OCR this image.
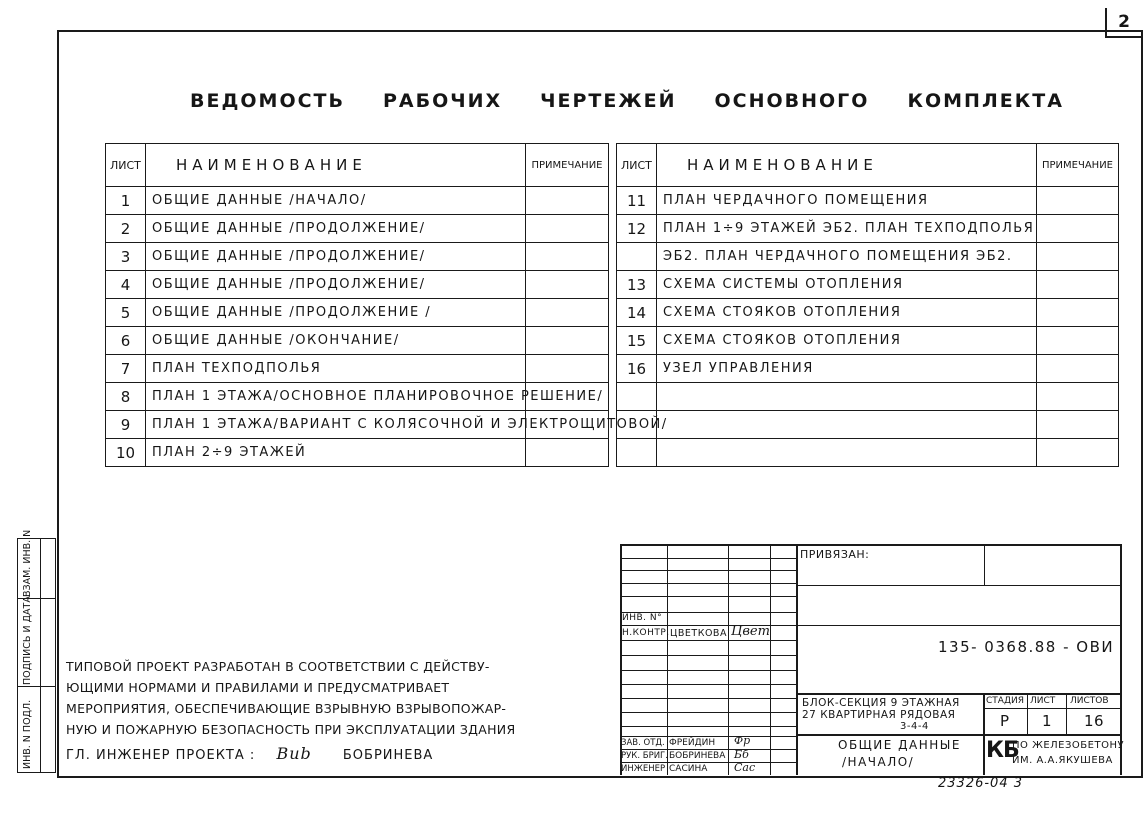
2
ВЕДОМОСТЬ РАБОЧИХ ЧЕРТЕЖЕЙ ОСНОВНОГО КОМПЛЕКТА
ЛИСТ	НАИМЕНОВАНИЕ	ПРИМЕЧАНИЕ
1	ОБЩИЕ ДАННЫЕ /НАЧАЛО/	
2	ОБЩИЕ ДАННЫЕ /ПРОДОЛЖЕНИЕ/	
3	ОБЩИЕ ДАННЫЕ /ПРОДОЛЖЕНИЕ/	
4	ОБЩИЕ ДАННЫЕ /ПРОДОЛЖЕНИЕ/	
5	ОБЩИЕ ДАННЫЕ /ПРОДОЛЖЕНИЕ /	
6	ОБЩИЕ ДАННЫЕ /ОКОНЧАНИЕ/	
7	ПЛАН ТЕХПОДПОЛЬЯ	
8	ПЛАН 1 ЭТАЖА/ОСНОВНОЕ ПЛАНИРОВОЧНОЕ РЕШЕНИЕ/	
9	ПЛАН 1 ЭТАЖА/ВАРИАНТ С КОЛЯСОЧНОЙ И ЭЛЕКТРОЩИТОВОЙ/	
10	ПЛАН 2÷9 ЭТАЖЕЙ	
ЛИСТ	НАИМЕНОВАНИЕ	ПРИМЕЧАНИЕ
11	ПЛАН ЧЕРДАЧНОГО ПОМЕЩЕНИЯ	
12	ПЛАН 1÷9 ЭТАЖЕЙ ЭБ2. ПЛАН ТЕХПОДПОЛЬЯ	
	ЭБ2. ПЛАН ЧЕРДАЧНОГО ПОМЕЩЕНИЯ ЭБ2.	
13	СХЕМА СИСТЕМЫ ОТОПЛЕНИЯ	
14	СХЕМА СТОЯКОВ ОТОПЛЕНИЯ	
15	СХЕМА СТОЯКОВ ОТОПЛЕНИЯ	
16	УЗЕЛ УПРАВЛЕНИЯ	

ВЗАМ. ИНВ. N
ПОДПИСЬ И ДАТА
ИНВ. N ПОДЛ.
ТИПОВОЙ ПРОЕКТ РАЗРАБОТАН В СООТВЕТСТВИИ С ДЕЙСТВУ-
ЮЩИМИ НОРМАМИ И ПРАВИЛАМИ И ПРЕДУСМАТРИВАЕТ
МЕРОПРИЯТИЯ, ОБЕСПЕЧИВАЮЩИЕ ВЗРЫВНУЮ ВЗРЫВОПОЖАР-
НУЮ И ПОЖАРНУЮ БЕЗОПАСНОСТЬ ПРИ ЭКСПЛУАТАЦИИ ЗДАНИЯ
ГЛ. ИНЖЕНЕР ПРОЕКТА : Bub БОБРИНЕВА
ПРИВЯЗАН:
ИНВ. N°
Н.КОНТР. ЦВЕТКОВА Цвет
135- 0368.88 - ОВИ
БЛОК-СЕКЦИЯ 9 ЭТАЖНАЯ
27 КВАРТИРНАЯ РЯДОВАЯ
3-4-4
СТАДИЯ ЛИСТ ЛИСТОВ
Р 1 16
ОБЩИЕ ДАННЫЕ
/НАЧАЛО/	КБ
ПО ЖЕЛЕЗОБЕТОНУ
ИМ. А.А.ЯКУШЕВА
ЗАВ. ОТД. ФРЕЙДИН Фр
РУК. БРИГ. БОБРИНЕВА Бб
ИНЖЕНЕР САСИНА Сас
23326-04 3
